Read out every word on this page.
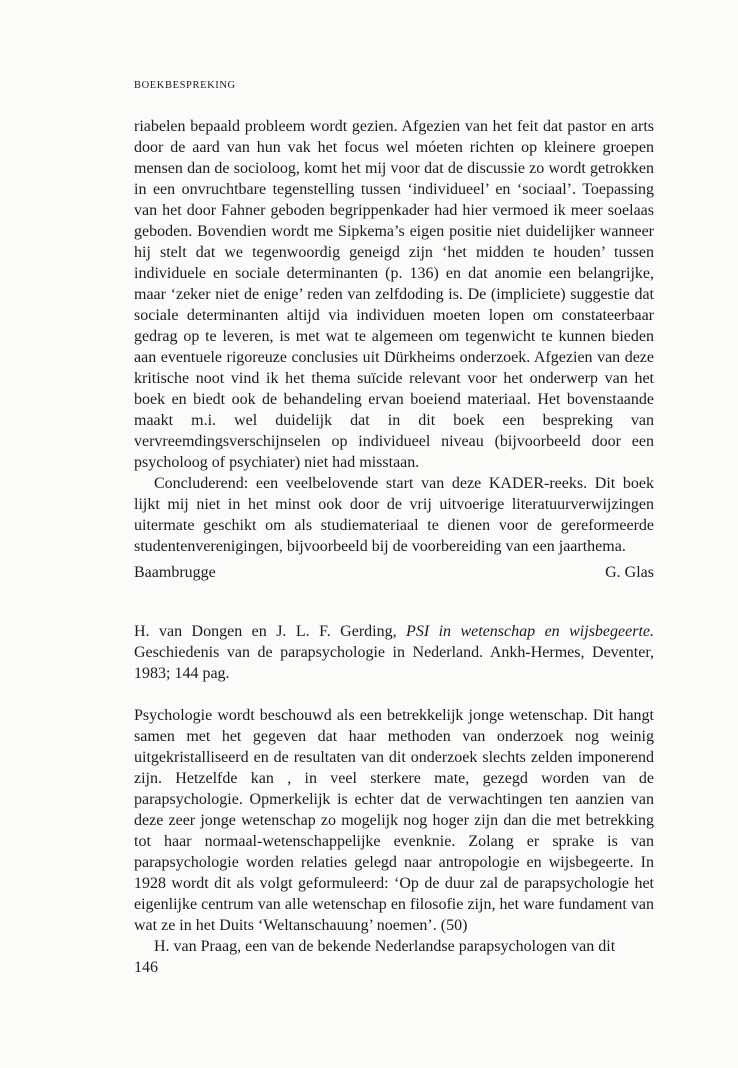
BOEKBESPREKING
riabelen bepaald probleem wordt gezien. Afgezien van het feit dat pastor en arts door de aard van hun vak het focus wel móeten richten op kleinere groepen mensen dan de socioloog, komt het mij voor dat de discussie zo wordt getrokken in een onvruchtbare tegenstelling tussen ‘individueel’ en ‘sociaal’. Toepassing van het door Fahner geboden begrippenkader had hier vermoed ik meer soelaas geboden. Bovendien wordt me Sipkema’s eigen positie niet duidelijker wanneer hij stelt dat we tegenwoordig geneigd zijn ‘het midden te houden’ tussen individuele en sociale determinanten (p. 136) en dat anomie een belangrijke, maar ‘zeker niet de enige’ reden van zelfdoding is. De (impliciete) suggestie dat sociale determinanten altijd via individuen moeten lopen om constateerbaar gedrag op te leveren, is met wat te algemeen om tegenwicht te kunnen bieden aan eventuele rigoreuze conclusies uit Dürkheims onderzoek. Afgezien van deze kritische noot vind ik het thema suïcide relevant voor het onderwerp van het boek en biedt ook de behandeling ervan boeiend materiaal. Het bovenstaande maakt m.i. wel duidelijk dat in dit boek een bespreking van vervreemdingsverschijnselen op individueel niveau (bijvoorbeeld door een psycholoog of psychiater) niet had misstaan.
Concluderend: een veelbelovende start van deze KADER-reeks. Dit boek lijkt mij niet in het minst ook door de vrij uitvoerige literatuurverwijzingen uitermate geschikt om als studiemateriaal te dienen voor de gereformeerde studentenverenigingen, bijvoorbeeld bij de voorbereiding van een jaarthema.
Baambrugge	G. Glas

H. van Dongen en J. L. F. Gerding, PSI in wetenschap en wijsbegeerte. Geschiedenis van de parapsychologie in Nederland. Ankh-Hermes, Deventer, 1983; 144 pag.

Psychologie wordt beschouwd als een betrekkelijk jonge wetenschap. Dit hangt samen met het gegeven dat haar methoden van onderzoek nog weinig uitgekristalliseerd en de resultaten van dit onderzoek slechts zelden imponerend zijn. Hetzelfde kan , in veel sterkere mate, gezegd worden van de parapsychologie. Opmerkelijk is echter dat de verwachtingen ten aanzien van deze zeer jonge wetenschap zo mogelijk nog hoger zijn dan die met betrekking tot haar normaal-wetenschappelijke evenknie. Zolang er sprake is van parapsychologie worden relaties gelegd naar antropologie en wijsbegeerte. In 1928 wordt dit als volgt geformuleerd: ‘Op de duur zal de parapsychologie het eigenlijke centrum van alle wetenschap en filosofie zijn, het ware fundament van wat ze in het Duits ‘Weltanschauung’ noemen’. (50)
H. van Praag, een van de bekende Nederlandse parapsychologen van dit
146
